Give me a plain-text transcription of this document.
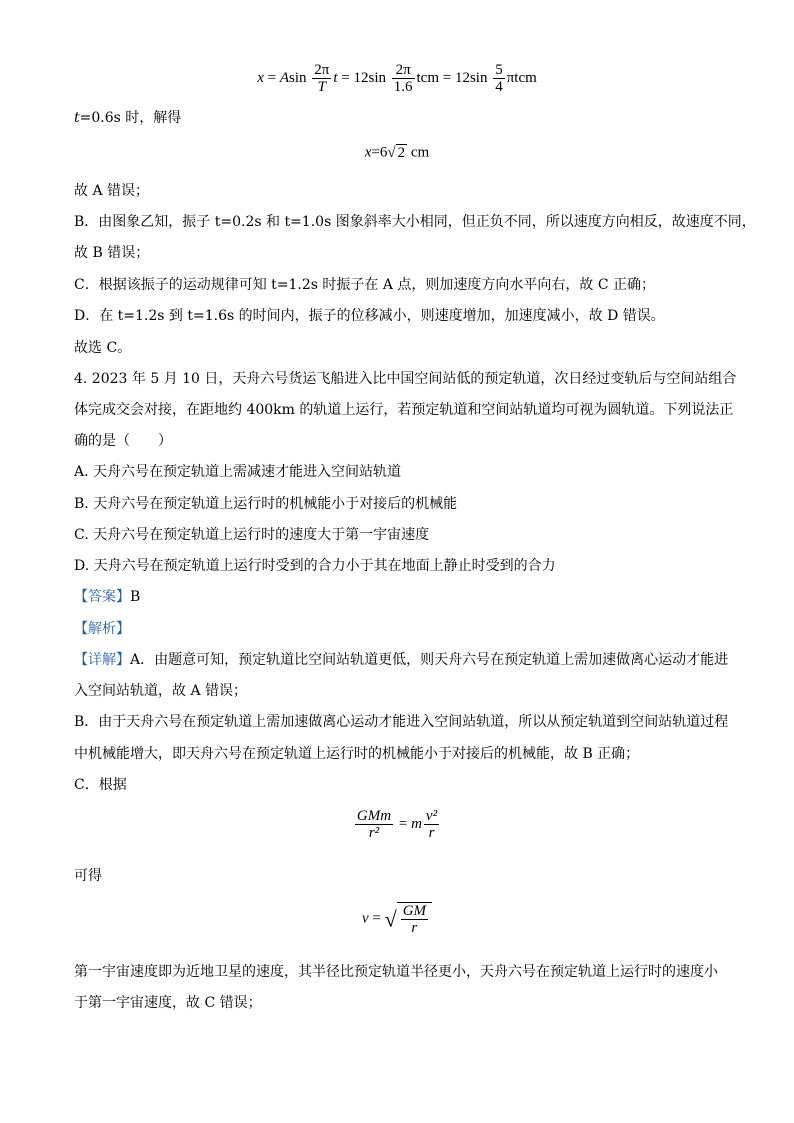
x = Asin $\frac{2\pi}{T}$ $t = 12\sin \frac{2\pi}{1.6}$ tcm = $12\sin \frac{5}{4}$ πtcm
t=0.6s 时，解得
x=6√ 2 cm
故 A 错误；
B．由图象乙知，振子 t=0.2s 和 t=1.0s 图象斜率大小相同，但正负不同，所以速度方向相反，故速度不同，
故 B 错误；
C．根据该振子的运动规律可知 t=1.2s 时振子在 A 点，则加速度方向水平向右，故 C 正确；
D．在 t=1.2s 到 t=1.6s 的时间内，振子的位移减小，则速度增加，加速度减小，故 D 错误。
故选 C。
4. 2023 年 5 月 10 日，天舟六号货运飞船进入比中国空间站低的预定轨道，次日经过变轨后与空间站组合
体完成交会对接，在距地约 400km 的轨道上运行，若预定轨道和空间站轨道均可视为圆轨道。下列说法正
确的是（　　）
A. 天舟六号在预定轨道上需减速才能进入空间站轨道
B. 天舟六号在预定轨道上运行时的机械能小于对接后的机械能
C. 天舟六号在预定轨道上运行时的速度大于第一宇宙速度
D. 天舟六号在预定轨道上运行时受到的合力小于其在地面上静止时受到的合力
【答案】B
【解析】
【详解】A．由题意可知，预定轨道比空间站轨道更低，则天舟六号在预定轨道上需加速做离心运动才能进
入空间站轨道，故 A 错误；
B．由于天舟六号在预定轨道上需加速做离心运动才能进入空间站轨道，所以从预定轨道到空间站轨道过程
中机械能增大，即天舟六号在预定轨道上运行时的机械能小于对接后的机械能，故 B 正确；
C．根据
$\frac{\text{GMm}}{\text{r²}} = m \frac{\text{v²}}{r}$
可得
v = √ $\frac{GM}{r}$
第一宇宙速度即为近地卫星的速度，其半径比预定轨道半径更小，天舟六号在预定轨道上运行时的速度小
于第一宇宙速度，故 C 错误；
